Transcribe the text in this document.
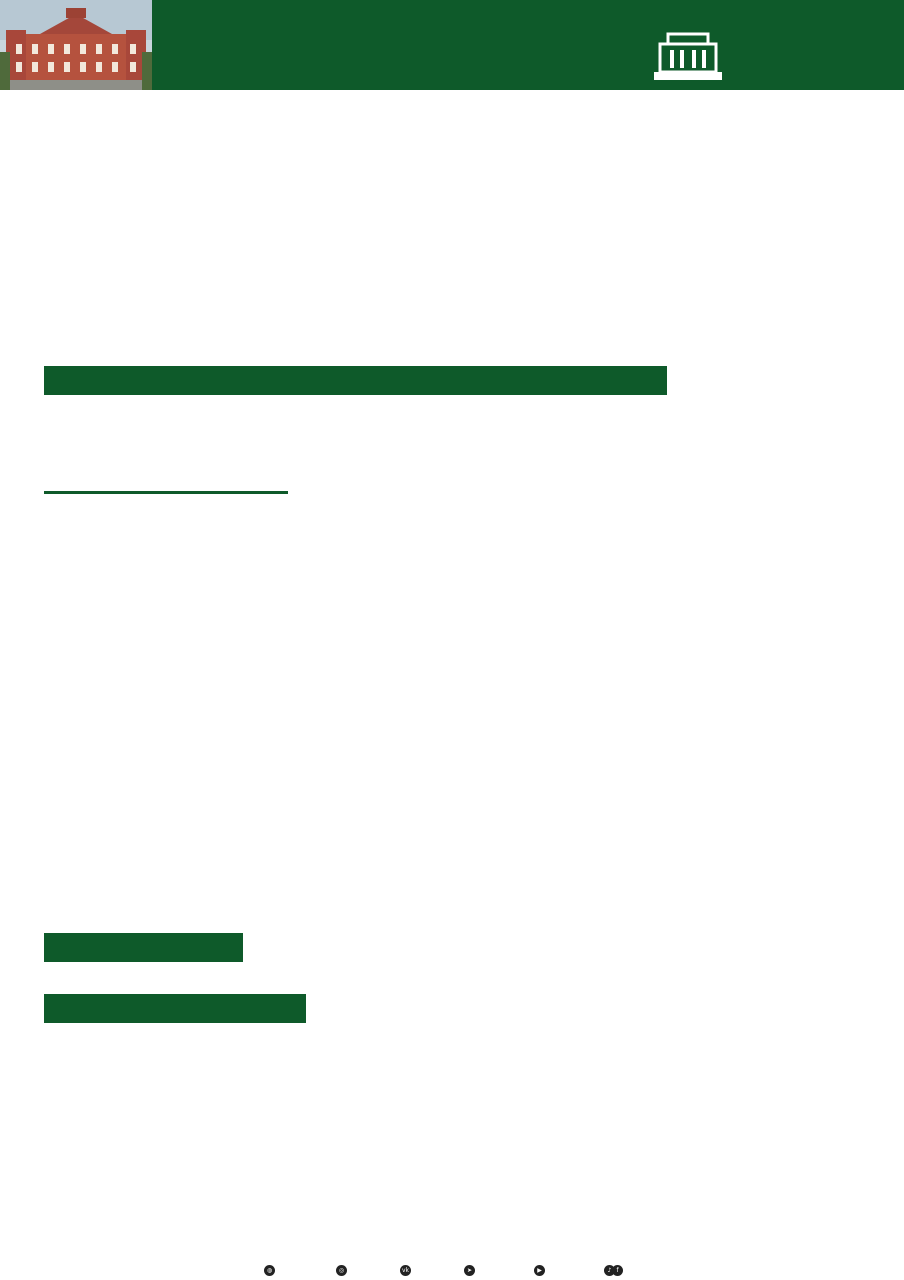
◍	◎	vk	➤	▶	♪ f
